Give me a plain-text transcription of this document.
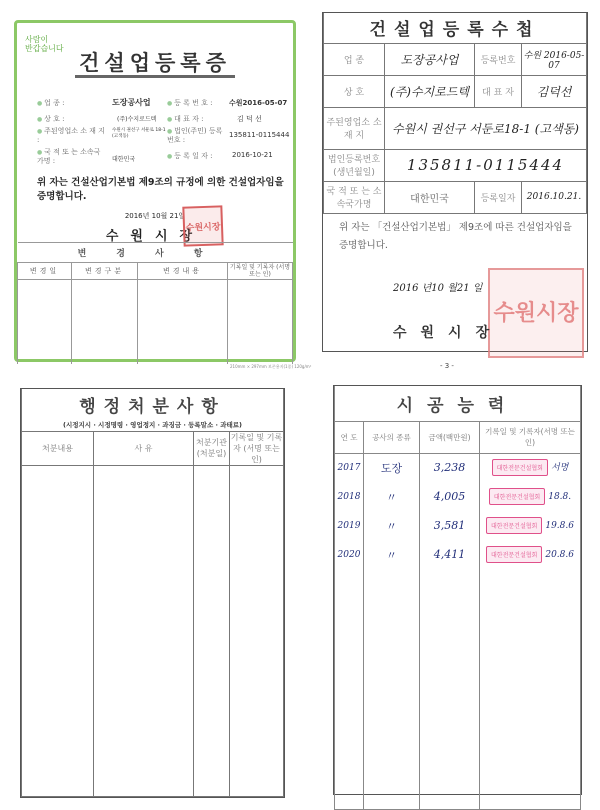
사람이
반갑습니다
건설업등록증
● 업 종 :	도장공사업	● 등 록 번 호 : 수원2016-05-07
● 상 호 :	(주)수지로드텍	● 대 표 자 :	김 덕 선
● 주된영업소 소 재 지 :
수원시 권선구 서둔로 18-1 (고색동)
● 법인(주민) 등록번호 :
135811-0115444
● 국 적 또 는 소속국가명 :	대한민국	● 등 록 일 자 :	2016-10-21
위 자는 건설산업기본법 제9조의 규정에 의한 건설업자임을 증명합니다.
2016년 10월 21일
수원시장
수원시장
변경사항			
변경일	변경구분	변경내용	기록일 및 기록자 (서명 또는 인)

210mm × 297mm 보존용지(1종) 120g/m²
건설업등록수첩			
업 종	도장공사업	등록번호	수원 2016-05-07
상 호	(주)수지로드텍	대 표 자	김덕선
주된영업소 소 재 지	수원시 권선구 서둔로18-1 (고색동)		
법인등록번호 (생년월일)	135811-0115444		
국 적 또 는 소속국가명	대한민국	등록일자	2016.10.21.
위 자는 「건설산업기본법」 제9조에 따른 건설업자임을 증명합니다.
2016 년10 월21 일
수원시장
수원시장
- 3 -
행정처분사항			
(시정지시 · 시정명령 · 영업정지 · 과징금 · 등록말소 · 과태료)			
처분내용	사 유	처분기관 (처분일)	기록일 및 기록자 (서명 또는 인)

시공능력			
연 도	공사의 종류	금액(백만원)	기록일 및 기록자(서명 또는 인)
2017	도장	3,238	대한전문건설협회 서명
2018	〃	4,005	대한전문건설협회 18.8.
2019	〃	3,581	대한전문건설협회 19.8.6
2020	〃	4,411	대한전문건설협회 20.8.6
